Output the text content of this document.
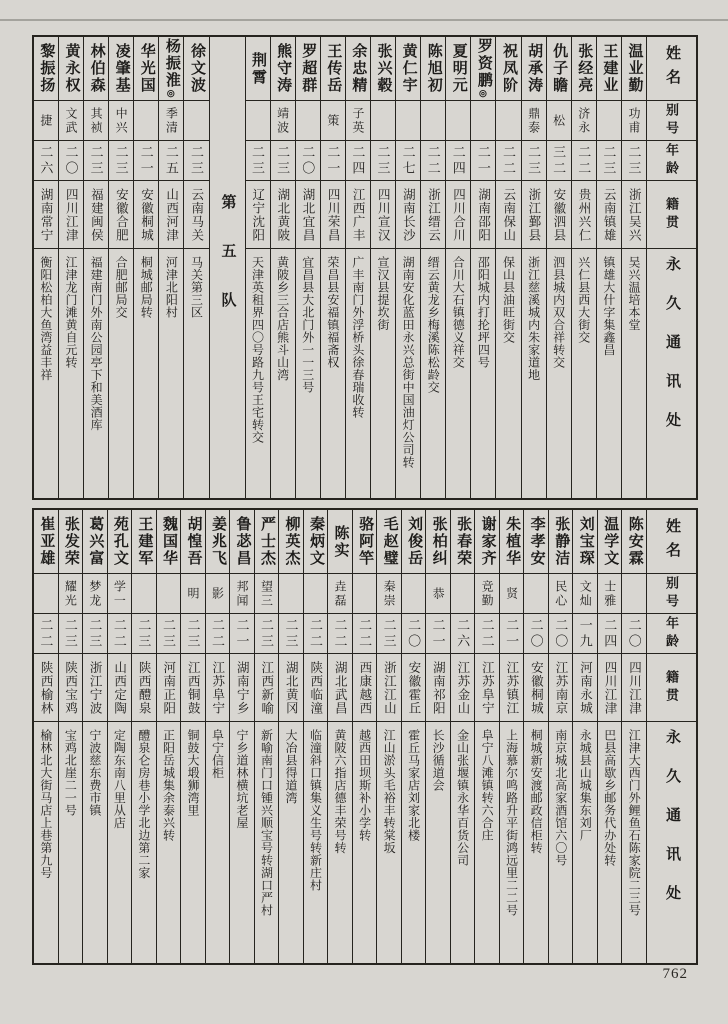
姓名
别号
年龄
籍贯
永久通讯处
温业勤
功甫
二三
浙江吴兴
吴兴温培本堂
王建业
二三
云南镇雄
镇雄大什字集鑫昌
张经亮
济永
二二
贵州兴仁
兴仁县西大街交
仇子瞻
松
三二
安徽泗县
泗县城内双合祥转交
胡承涛
鼎泰
二三
浙江鄞县
浙江慈溪城内朱家道地
祝凤阶
二二
云南保山
保山县油旺街交
罗资鹏◎
二一
湖南邵阳
邵阳城内打抡坪四号
夏明元
二四
四川合川
合川大石镇德义祥交
陈旭初
二二
浙江缙云
缙云黄龙乡梅溪陈松龄交
黄仁宇
二七
湖南长沙
湖南安化蓝田永兴总街中国油灯公司转
张兴毂
二三
四川宣汉
宣汉县提坎街
余忠精
子英
二四
江西广丰
广丰南门外浮桥头徐春瑞收转
王传岳
策
二一
四川荣昌
荣昌县安福镇福斋权
罗超群
二〇
湖北宜昌
宜昌县大北门外一一三号
熊守涛
靖波
二三
湖北黄陂
黄陂乡三合店熊斗山湾
荆霄
二三
辽宁沈阳
天津英租界四〇号路九号王宅转交
第五队
徐文波
二三
云南马关
马关第三区
杨振淮◎
季清
二五
山西河津
河津北阳村
华光国
二一
安徽桐城
桐城邮局转
凌肇基
中兴
二三
安徽合肥
合肥邮局交
林伯森
其祯
二三
福建闽侯
福建南门外南公园亭下和美酒库
黄永权
文武
二〇
四川江津
江津龙门滩黄自元转
黎振扬
捷
二六
湖南常宁
衡阳松柏大鱼湾益丰祥
姓名
别号
年龄
籍贯
永久通讯处
陈安霖
二〇
四川江津
江津大西门外鲤鱼石陈家院二三号
温学文
士雅
二四
四川江津
巴县高歇乡邮务代办处转
刘宝琛
文灿
一九
河南永城
永城县山城集东刘厂
张静洁
民心
二〇
江苏南京
南京城北高家酒馆六〇号
李孝安
二〇
安徽桐城
桐城新安渡邮政信柜转
朱植华
贤
二一
江苏镇江
上海慕尔鸣路升平街鸿远里二二号
谢家齐
竞勤
二二
江苏阜宁
阜宁八滩镇转六合庄
张春荣
二六
江苏金山
金山张堰镇永华百货公司
张柏纠
恭
二一
湖南祁阳
长沙循道会
刘俊岳
二〇
安徽霍丘
霍丘马家店刘家北楼
毛赵璧
秦崇
二三
浙江江山
江山淤头毛裕丰转棠坂
骆阿竿
二二
西康越西
越西田坝斯补小学转
陈实
垚磊
二二
湖北武昌
黄陂六指店德丰荣号转
秦炳文
二二
陕西临潼
临潼斜口镇集义生号转新庄村
柳英杰
二三
湖北黄冈
大冶县得道湾
严士杰
望三
二三
江西新喻
新喻南门口锺兴顺宝号转湖口严村
鲁苾昌
邦闻
二一
湖南宁乡
宁乡道林横坑老屋
姜兆飞
影
二二
江苏阜宁
阜宁信柜
胡惶吾
明
二三
江西铜鼓
铜鼓大塅狮湾里
魏国华
二三
河南正阳
正阳岳城集余泰兴转
王建军
二三
陕西醴泉
醴泉仑房巷小学北边第二家
苑孔文
学一
二二
山西定陶
定陶东南八里从店
葛兴富
梦龙
二三
浙江宁波
宁波慈东费市镇
张发荣
耀光
二三
陕西宝鸡
宝鸡北崖二一号
崔亚雄
二二
陕西榆林
榆林北大街马店上巷第九号
762
